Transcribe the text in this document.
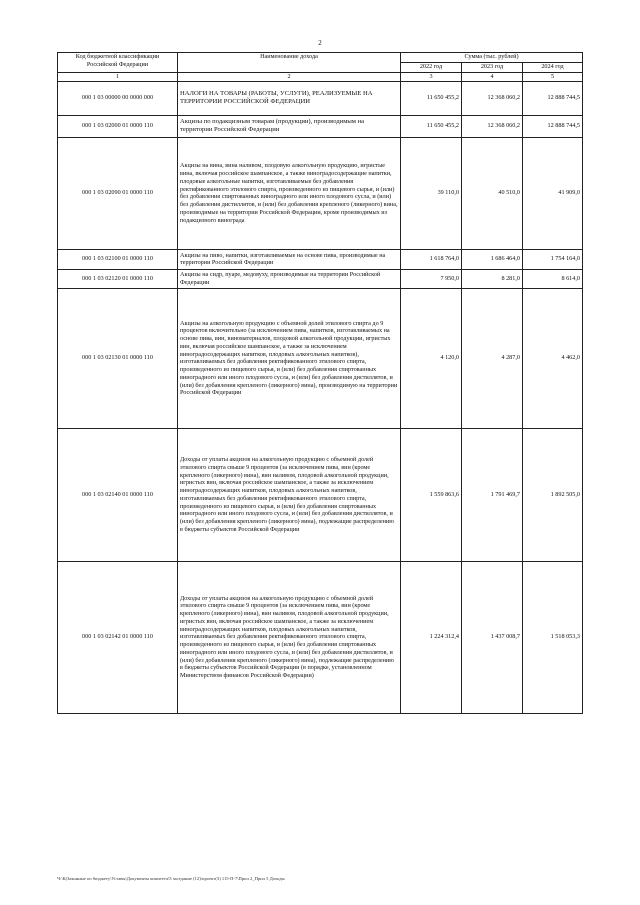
2
Код бюджетной классификации Российской Федерации	Наименование дохода	Сумма (тыс. рублей)		
		2022 год	2023 год	2024 год
1	2	3	4	5
000 1 03 00000 00 0000 000	НАЛОГИ НА ТОВАРЫ (РАБОТЫ, УСЛУГИ), РЕАЛИЗУЕМЫЕ НА ТЕРРИТОРИИ РОССИЙСКОЙ ФЕДЕРАЦИИ	11 650 455,2	12 368 060,2	12 888 744,5
000 1 03 02000 01 0000 110	Акцизы по подакцизным товарам (продукции), производимым на территории Российской Федерации	11 650 455,2	12 368 060,2	12 888 744,5
000 1 03 02090 01 0000 110	Акцизы на вина, вина наливом, плодовую алкогольную продукцию, игристые вина, включая российское шампанское, а также виноградосодержащие напитки, плодовые алкогольные напитки, изготавливаемые без добавления ректификованного этилового спирта, произведенного из пищевого сырья, и (или) без добавления спиртованных виноградного или иного плодового сусла, и (или) без добавления дистиллятов, и (или) без добавления крепленого (ликерного) вина, производимые на территории Российской Федерации, кроме производимых из подакцизного винограда	39 110,0	40 510,0	41 909,0
000 1 03 02100 01 0000 110	Акцизы на пиво, напитки, изготавливаемые на основе пива, производимые на территории Российской Федерации	1 618 764,0	1 686 464,0	1 754 164,0
000 1 03 02120 01 0000 110	Акцизы на сидр, пуаре, медовуху, производимые на территории Российской Федерации	7 950,0	8 281,0	8 614,0
000 1 03 02130 01 0000 110	Акцизы на алкогольную продукцию с объемной долей этилового спирта до 9 процентов включительно (за исключением пива, напитков, изготавливаемых на основе пива, вин, виноматериалов, плодовой алкогольной продукции, игристых вин, включая российское шампанское, а также за исключением виноградосодержащих напитков, плодовых алкогольных напитков), изготавливаемых без добавления ректификованного этилового спирта, произведенного из пищевого сырья, и (или) без добавления спиртованных виноградного или иного плодового сусла, и (или) без добавления дистиллятов, и (или) без добавления крепленого (ликерного) вина), производимую на территории Российской Федерации	4 120,0	4 287,0	4 462,0
000 1 03 02140 01 0000 110	Доходы от уплаты акцизов на алкогольную продукцию с объемной долей этилового спирта свыше 9 процентов (за исключением пива, вин (кроме крепленого (ликерного) вина), вин наливом, плодовой алкогольной продукции, игристых вин, включая российское шампанское, а также за исключением виноградосодержащих напитков, плодовых алкогольных напитков, изготавливаемых без добавления ректификованного этилового спирта, произведенного из пищевого сырья, и (или) без добавления спиртованных виноградного или иного плодового сусла, и (или) без добавления дистиллятов, и (или) без добавления крепленого (ликерного) вина), подлежащие распределению в бюджеты субъектов Российской Федерации	1 559 863,6	1 791 469,7	1 892 505,0
000 1 03 02142 01 0000 110	Доходы от уплаты акцизов на алкогольную продукцию с объемной долей этилового спирта свыше 9 процентов (за исключением пива, вин (кроме крепленого (ликерного) вина), вин наливом, плодовой алкогольной продукции, игристых вин, включая российское шампанское, а также за исключением виноградосодержащих напитков, плодовых алкогольных напитков, изготавливаемых без добавления ректификованного этилового спирта, произведенного из пищевого сырья, и (или) без добавления спиртованных виноградного или иного плодового сусла, и (или) без добавления дистиллятов, и (или) без добавления крепленого (ликерного) вина), подлежащие распределению в бюджеты субъектов Российской Федерации (в порядке, установленном Министерством финансов Российской Федерации)	1 224 312,4	1 437 008,7	1 518 053,3
Ч:\К(Законные по бюджету\Уставы\Документы комитета\5 заседание (12)\проект(3) 115-П-7\Прил 2_Прил 5 Доходы
